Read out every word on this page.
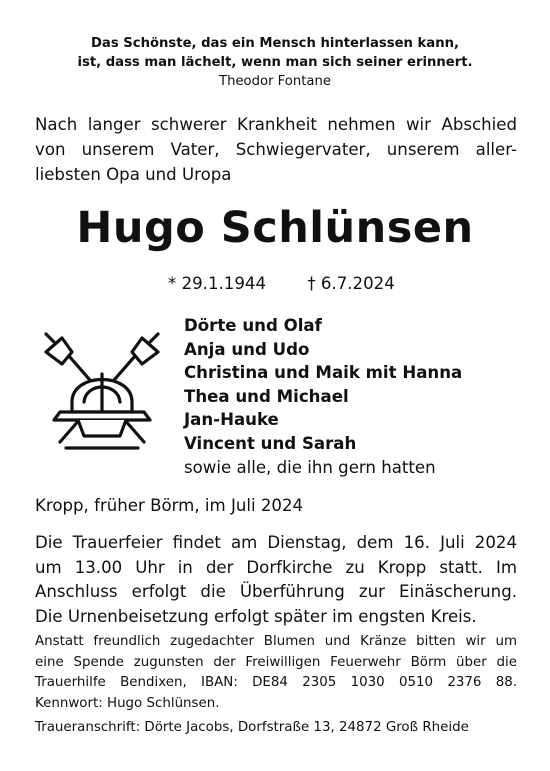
Das Schönste, das ein Mensch hinterlassen kann,
ist, dass man lächelt, wenn man sich seiner erinnert.
Theodor Fontane
Nach langer schwerer Krankheit nehmen wir Abschied
von unserem Vater, Schwiegervater, unserem aller-
liebsten Opa und Uropa
Hugo Schlünsen
* 29.1.1944 † 6.7.2024
Dörte und Olaf
Anja und Udo
Christina und Maik mit Hanna
Thea und Michael
Jan-Hauke
Vincent und Sarah
sowie alle, die ihn gern hatten
Kropp, früher Börm, im Juli 2024
Die Trauerfeier findet am Dienstag, dem 16. Juli 2024
um 13.00 Uhr in der Dorfkirche zu Kropp statt. Im
Anschluss erfolgt die Überführung zur Einäscherung.
Die Urnenbeisetzung erfolgt später im engsten Kreis.
Anstatt freundlich zugedachter Blumen und Kränze bitten wir um
eine Spende zugunsten der Freiwilligen Feuerwehr Börm über die
Trauerhilfe Bendixen, IBAN: DE84 2305 1030 0510 2376 88.
Kennwort: Hugo Schlünsen.
Traueranschrift: Dörte Jacobs, Dorfstraße 13, 24872 Groß Rheide
